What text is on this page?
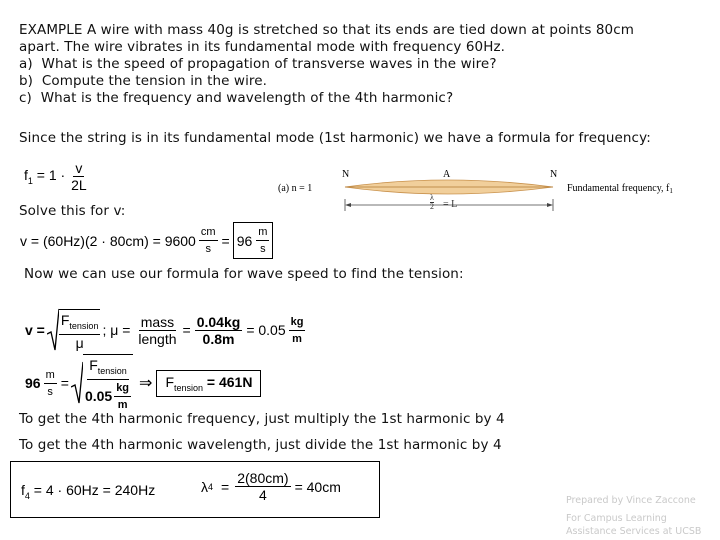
EXAMPLE A wire with mass 40g is stretched so that its ends are tied down at points 80cm
apart. The wire vibrates in its fundamental mode with frequency 60Hz.
a) What is the speed of propagation of transverse waves in the wire?
b) Compute the tension in the wire.
c) What is the frequency and wavelength of the 4th harmonic?
Since the string is in its fundamental mode (1st harmonic) we have a formula for frequency:
$f_1 = 1 \cdot \frac{v}{2L}$	(a) n = 1
N	A	N
Fundamental frequency, $f_1$
λ
2 = L
Solve this for v:
$v = (60Hz)(2 \cdot 80cm) = 9600 \frac{cm}{s} = 96 \frac{m}{s}$
Now we can use our formula for wave speed to find the tension:
$v = \frac{F_{tension}}{\mu}$ ; $\mu = \frac{\text{mass}}{\text{length}} = \frac{0.04kg}{0.8m} = 0.05 \frac{kg}{m}$
$96 \frac{m}{s} = \frac{F_{tension}}{0.05 \frac{kg}{m}}$ ⇒ $F_{tension} = 461N$
To get the 4th harmonic frequency, just multiply the 1st harmonic by 4
To get the 4th harmonic wavelength, just divide the 1st harmonic by 4
$f_4 = 4 \cdot 60Hz = 240Hz$	λ $4 = \frac{2(80cm)}{4} = 40cm$
Prepared by Vince Zaccone
For Campus Learning
Assistance Services at UCSB
